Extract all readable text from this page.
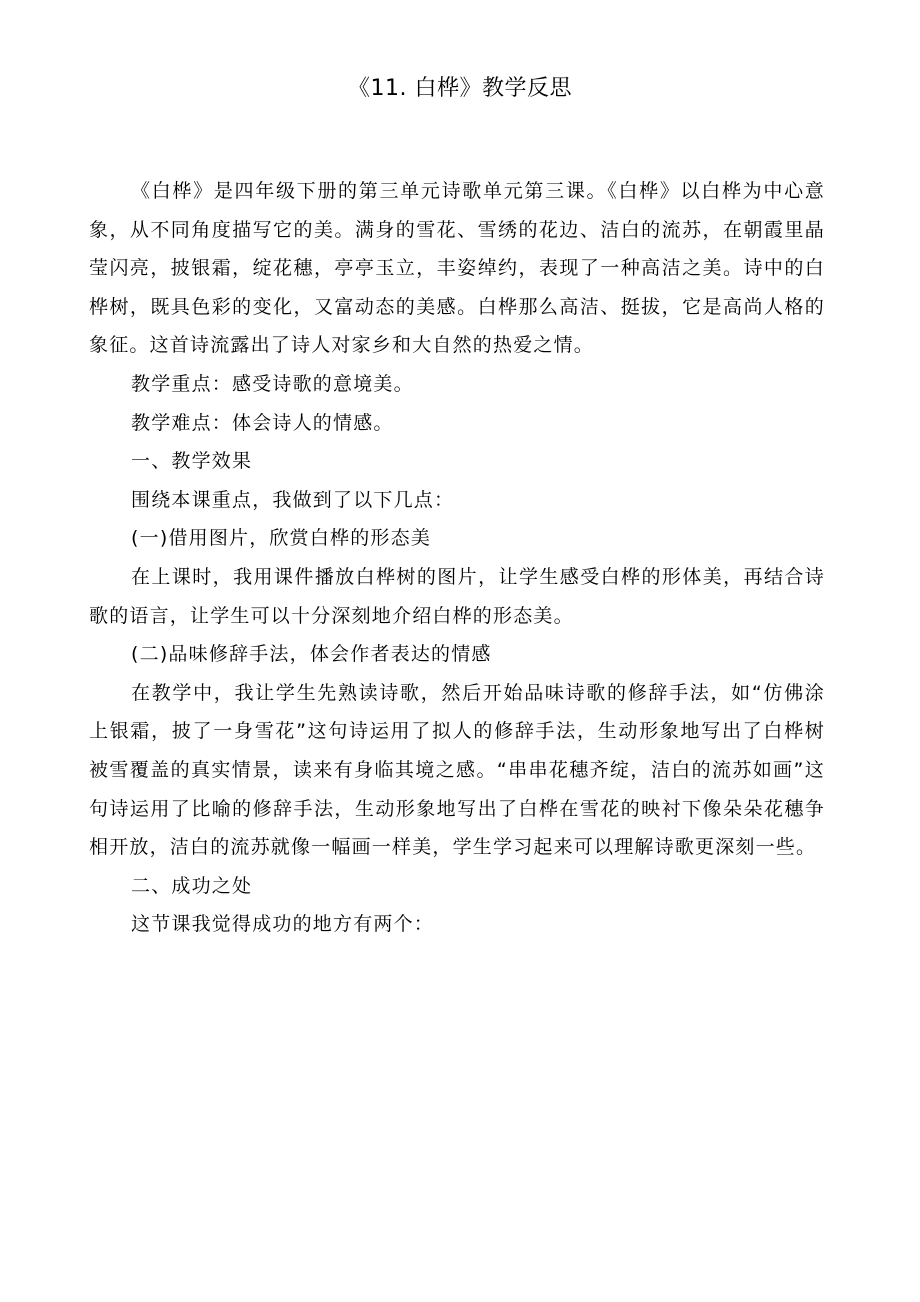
《11. 白桦》教学反思

《白桦》是四年级下册的第三单元诗歌单元第三课。《白桦》以白桦为中心意象，从不同角度描写它的美。满身的雪花、雪绣的花边、洁白的流苏，在朝霞里晶莹闪亮，披银霜，绽花穗，亭亭玉立，丰姿绰约，表现了一种高洁之美。诗中的白桦树，既具色彩的变化，又富动态的美感。白桦那么高洁、挺拔，它是高尚人格的象征。这首诗流露出了诗人对家乡和大自然的热爱之情。

教学重点：感受诗歌的意境美。

教学难点：体会诗人的情感。

一、教学效果

围绕本课重点，我做到了以下几点：

(一)借用图片，欣赏白桦的形态美

在上课时，我用课件播放白桦树的图片，让学生感受白桦的形体美，再结合诗歌的语言，让学生可以十分深刻地介绍白桦的形态美。

(二)品味修辞手法，体会作者表达的情感

在教学中，我让学生先熟读诗歌，然后开始品味诗歌的修辞手法，如“仿佛涂上银霜，披了一身雪花”这句诗运用了拟人的修辞手法，生动形象地写出了白桦树被雪覆盖的真实情景，读来有身临其境之感。“串串花穗齐绽，洁白的流苏如画”这句诗运用了比喻的修辞手法，生动形象地写出了白桦在雪花的映衬下像朵朵花穗争相开放，洁白的流苏就像一幅画一样美，学生学习起来可以理解诗歌更深刻一些。

二、成功之处

这节课我觉得成功的地方有两个：
